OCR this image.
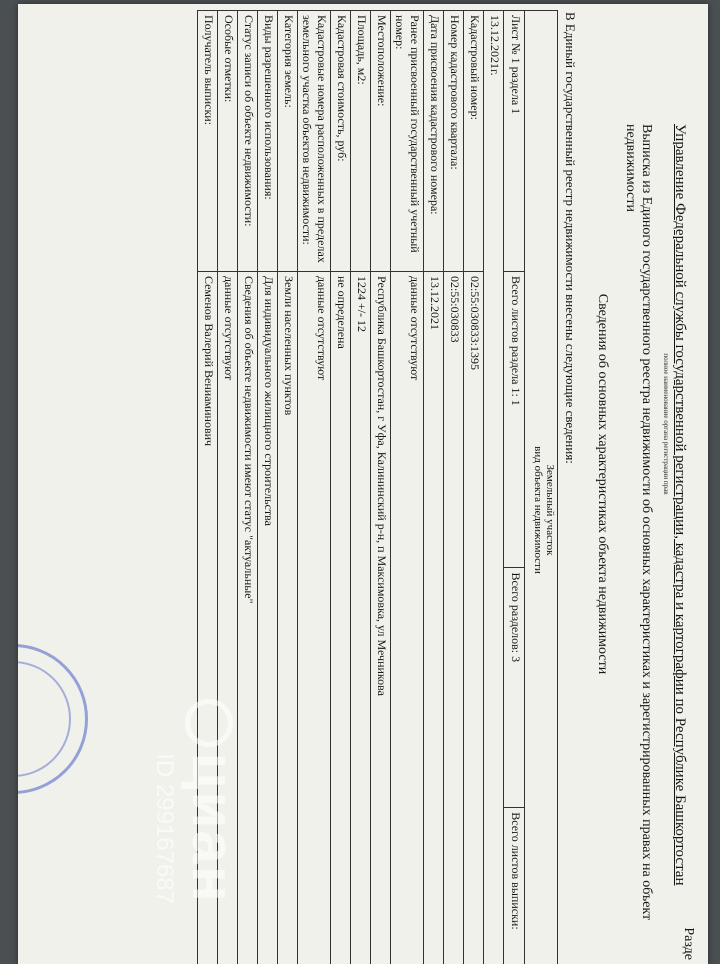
Разде
Управление Федеральной службы государственной регистрации, кадастра и картографии по Республике Башкортостан
полное наименование органа регистрации прав
Выписка из Единого государственного реестра недвижимости об основных характеристиках и зарегистрированных правах на объект недвижимости
Сведения об основных характеристиках объекта недвижимости
В Единый государственный реестр недвижимости внесены следующие сведения:
Земельный участок
вид объекта недвижимости			

Лист № 1 раздела 1	Всего листов раздела 1: 1	Всего разделов: 3	Всего листов выписки:
13.12.2021г.			
Кадастровый номер:	02:55:030833:1395		
Номер кадастрового квартала:	02:55:030833		
Дата присвоения кадастрового номера:	13.12.2021		
Ранее присвоенный государственный учетный номер:	данные отсутствуют		
Местоположение:	Республика Башкортостан, г Уфа, Калининский р-н, п Максимовка, ул Мечникова		
Площадь, м2:	1224 +/- 12		
Кадастровая стоимость, руб:	не определена		
Кадастровые номера расположенных в пределах земельного участка объектов недвижимости:	данные отсутствуют		
Категория земель:	Земли населенных пунктов		
Виды разрешенного использования:	Для индивидуального жилищного строительства		
Статус записи об объекте недвижимости:	Сведения об объекте недвижимости имеют статус "актуальные"		
Особые отметки:	данные отсутствуют		
Получатель выписки:	Семенов Валерий Вениаминович		
циан
ID 299167687
